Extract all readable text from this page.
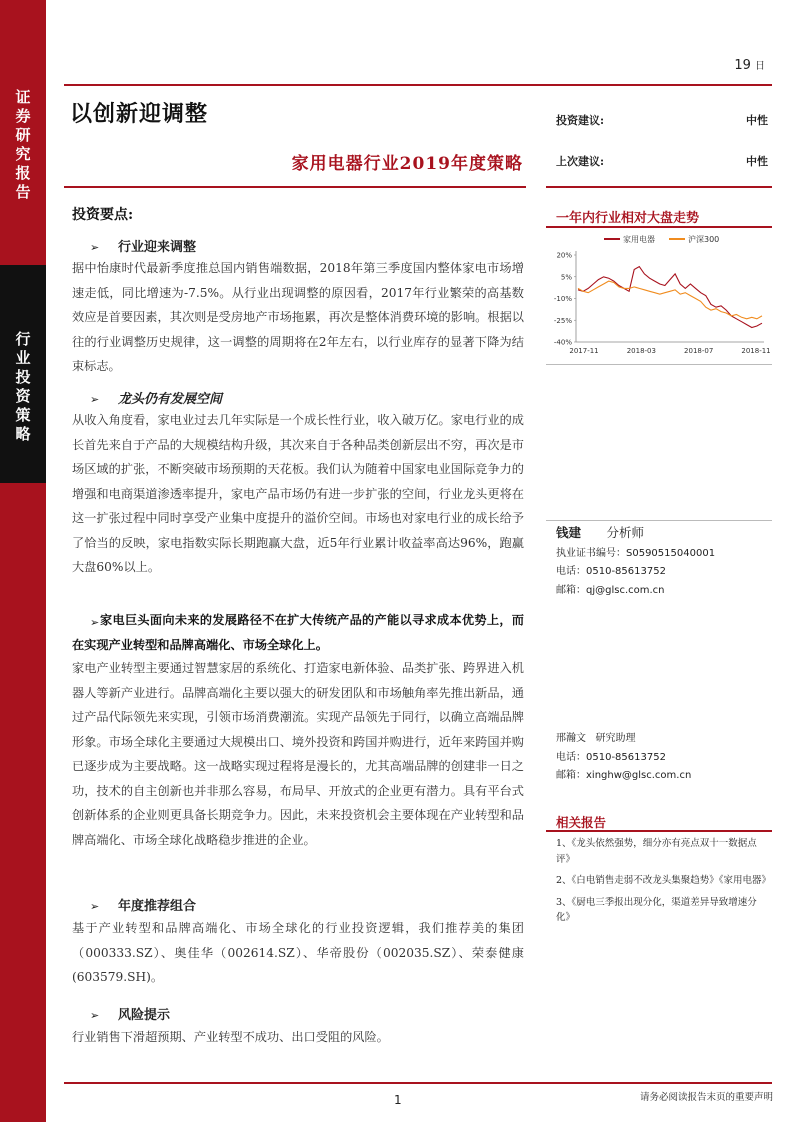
证
券
研
究
报
告
行
业
投
资
策
略
19 日
以创新迎调整
家用电器行业2019年度策略
投资建议:	中性
上次建议:	中性
投资要点:
➢ 行业迎来调整
据中怡康时代最新季度推总国内销售端数据，2018年第三季度国内整体家电市场增速走低，同比增速为-7.5%。从行业出现调整的原因看，2017年行业繁荣的高基数效应是首要因素，其次则是受房地产市场拖累，再次是整体消费环境的影响。根据以往的行业调整历史规律，这一调整的周期将在2年左右，以行业库存的显著下降为结束标志。
➢ 龙头仍有发展空间
从收入角度看，家电业过去几年实际是一个成长性行业，收入破万亿。家电行业的成长首先来自于产品的大规模结构升级，其次来自于各种品类创新层出不穷，再次是市场区域的扩张，不断突破市场预期的天花板。我们认为随着中国家电业国际竞争力的增强和电商渠道渗透率提升，家电产品市场仍有进一步扩张的空间，行业龙头更将在这一扩张过程中同时享受产业集中度提升的溢价空间。市场也对家电行业的成长给予了恰当的反映，家电指数实际长期跑赢大盘，近5年行业累计收益率高达96%，跑赢大盘60%以上。
➢ 家电巨头面向未来的发展路径不在扩大传统产品的产能以寻求成本优势上，而在实现产业转型和品牌高端化、市场全球化上。
家电产业转型主要通过智慧家居的系统化、打造家电新体验、品类扩张、跨界进入机器人等新产业进行。品牌高端化主要以强大的研发团队和市场触角率先推出新品，通过产品代际领先来实现，引领市场消费潮流。实现产品领先于同行，以确立高端品牌形象。市场全球化主要通过大规模出口、境外投资和跨国并购进行，近年来跨国并购已逐步成为主要战略。这一战略实现过程将是漫长的，尤其高端品牌的创建非一日之功，技术的自主创新也并非那么容易，布局早、开放式的企业更有潜力。具有平台式创新体系的企业则更具备长期竞争力。因此，未来投资机会主要体现在产业转型和品牌高端化、市场全球化战略稳步推进的企业。
➢ 年度推荐组合
基于产业转型和品牌高端化、市场全球化的行业投资逻辑，我们推荐美的集团（000333.SZ）、奥佳华（002614.SZ）、华帝股份（002035.SZ）、荣泰健康(603579.SH)。
➢ 风险提示
行业销售下滑超预期、产业转型不成功、出口受阻的风险。
一年内行业相对大盘走势
20%
5%
-10%
-25%
-40%
2017-11	2018-03	2018-07	2018-11
家用电器	沪深300
钱建 分析师
执业证书编号：S0590515040001
电话：0510-85613752
邮箱：qj@glsc.com.cn
邢瀚文 研究助理
电话：0510-85613752
邮箱：xinghw@glsc.com.cn
相关报告
1、《龙头依然强势，细分亦有亮点双十一数据点评》
2、《白电销售走弱不改龙头集聚趋势》《家用电器》
3、《厨电三季报出现分化，渠道差异导致增速分化》
1	请务必阅读报告末页的重要声明
